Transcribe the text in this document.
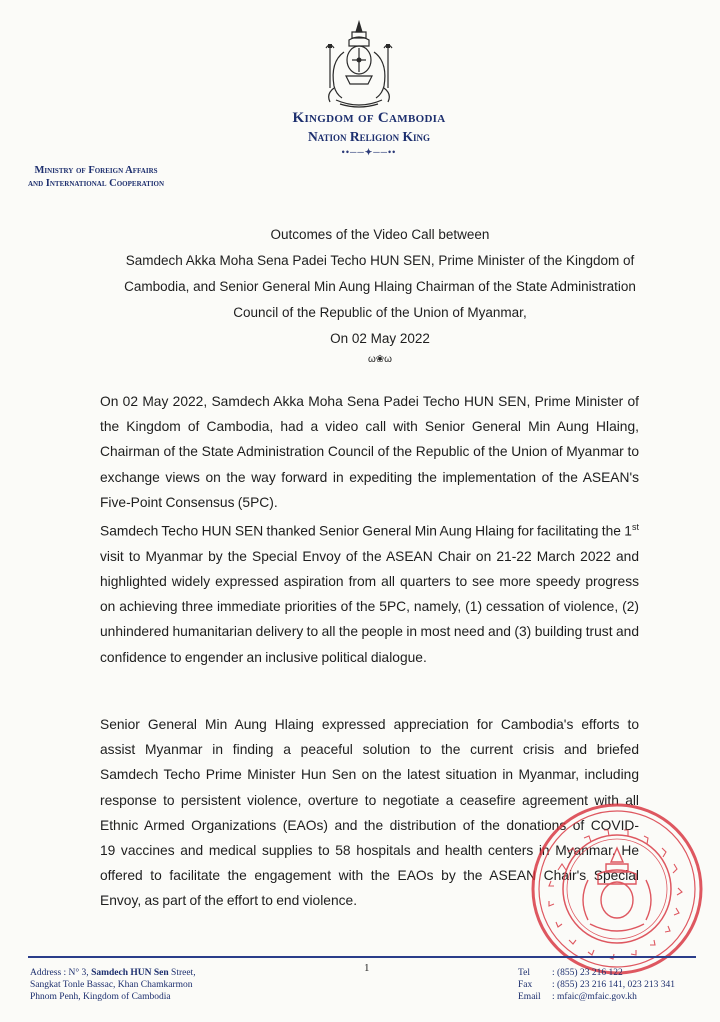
Kingdom of Cambodia
Nation Religion King
••──✦──••
Ministry of Foreign Affairs
and International Cooperation
Outcomes of the Video Call between
Samdech Akka Moha Sena Padei Techo HUN SEN, Prime Minister of the Kingdom of
Cambodia, and Senior General Min Aung Hlaing Chairman of the State Administration
Council of the Republic of the Union of Myanmar,
On 02 May 2022
ω❀ω
On 02 May 2022, Samdech Akka Moha Sena Padei Techo HUN SEN, Prime Minister of the Kingdom of Cambodia, had a video call with Senior General Min Aung Hlaing, Chairman of the State Administration Council of the Republic of the Union of Myanmar to exchange views on the way forward in expediting the implementation of the ASEAN's Five-Point Consensus (5PC).
Samdech Techo HUN SEN thanked Senior General Min Aung Hlaing for facilitating the 1st visit to Myanmar by the Special Envoy of the ASEAN Chair on 21-22 March 2022 and highlighted widely expressed aspiration from all quarters to see more speedy progress on achieving three immediate priorities of the 5PC, namely, (1) cessation of violence, (2) unhindered humanitarian delivery to all the people in most need and (3) building trust and confidence to engender an inclusive political dialogue.
Senior General Min Aung Hlaing expressed appreciation for Cambodia's efforts to
assist Myanmar in finding a peaceful solution to the current crisis and briefed
Samdech Techo Prime Minister Hun Sen on the latest situation in Myanmar, including
response to persistent violence, overture to negotiate a ceasefire agreement with all
Ethnic Armed Organizations (EAOs) and the distribution of the donations of COVID-
19 vaccines and medical supplies to 58 hospitals and health centers in Myanmar. He
offered to facilitate the engagement with the EAOs by the ASEAN Chair's Special
Envoy, as part of the effort to end violence.
1
Address : N° 3, Samdech HUN Sen Street,
Sangkat Tonle Bassac, Khan Chamkarmon
Phnom Penh, Kingdom of Cambodia
Tel : (855) 23 216 122
Fax : (855) 23 216 141, 023 213 341
Email : mfaic@mfaic.gov.kh
